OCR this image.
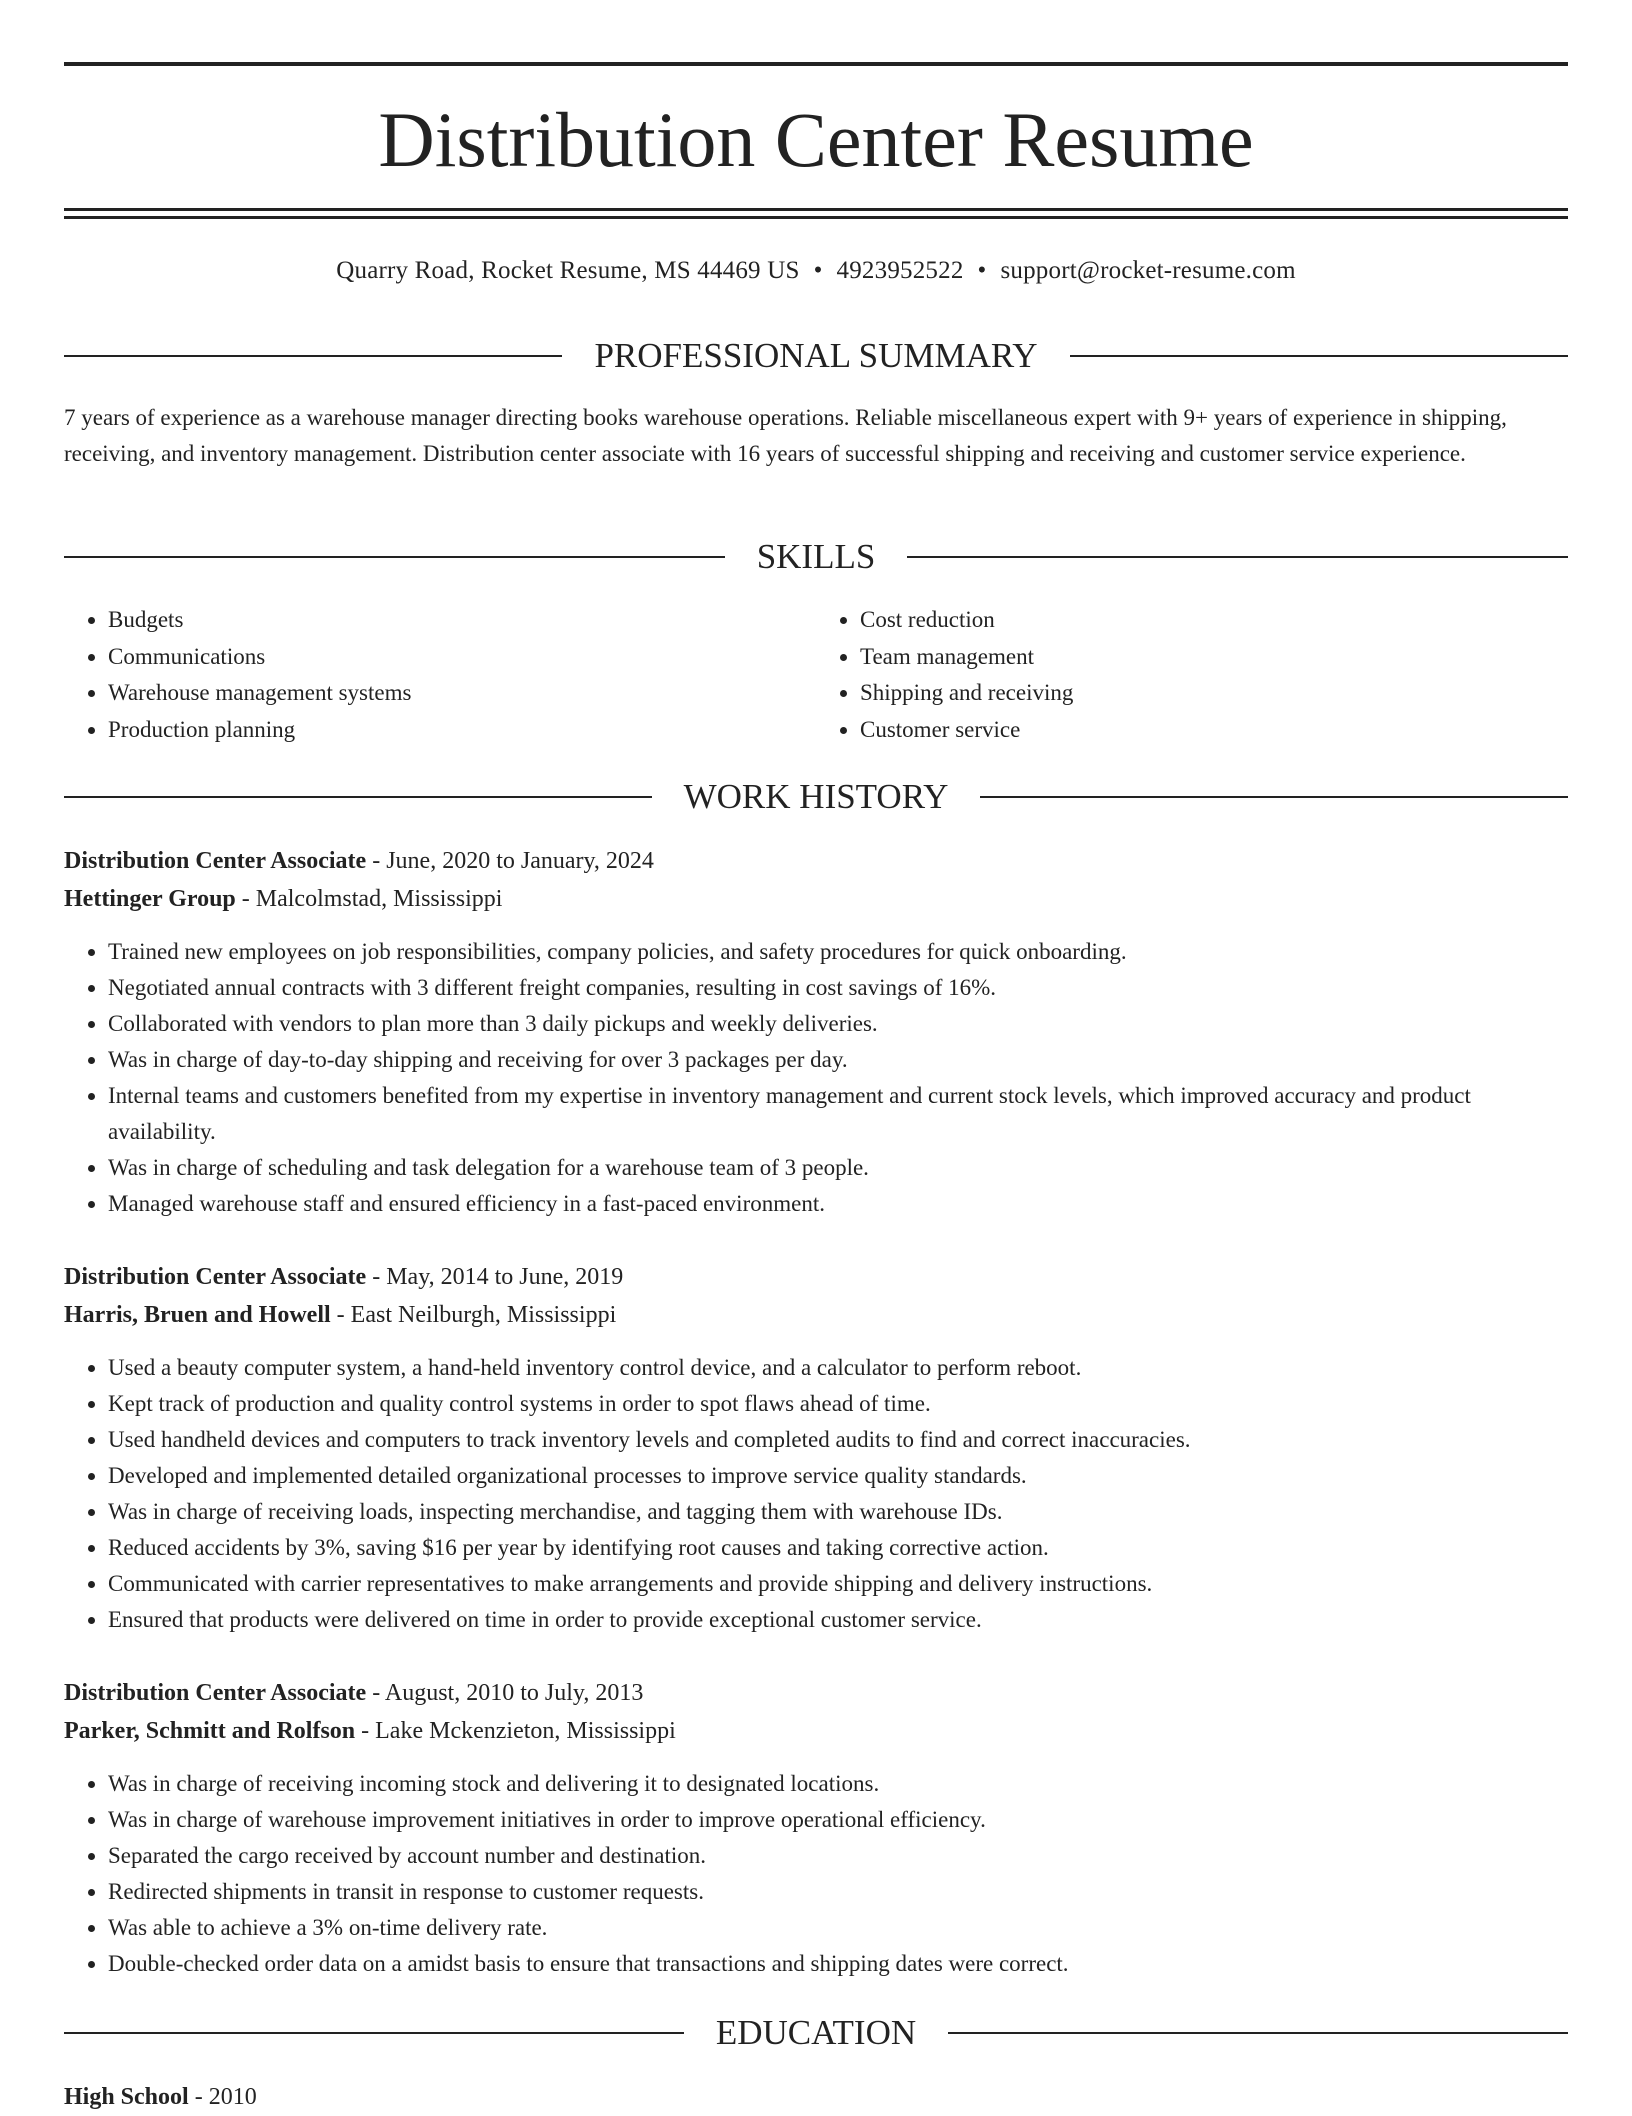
Distribution Center Resume
Quarry Road, Rocket Resume, MS 44469 US • 4923952522 • support@rocket-resume.com
PROFESSIONAL SUMMARY

7 years of experience as a warehouse manager directing books warehouse operations. Reliable miscellaneous expert with 9+ years of experience in shipping, receiving, and inventory management. Distribution center associate with 16 years of successful shipping and receiving and customer service experience.

SKILLS
• Budgets
• Communications
• Warehouse management systems
• Production planning
• Cost reduction
• Team management
• Shipping and receiving
• Customer service
WORK HISTORY

Distribution Center Associate - June, 2020 to January, 2024

Hettinger Group - Malcolmstad, Mississippi

• Trained new employees on job responsibilities, company policies, and safety procedures for quick onboarding.
• Negotiated annual contracts with 3 different freight companies, resulting in cost savings of 16%.
• Collaborated with vendors to plan more than 3 daily pickups and weekly deliveries.
• Was in charge of day-to-day shipping and receiving for over 3 packages per day.
• Internal teams and customers benefited from my expertise in inventory management and current stock levels, which improved accuracy and product availability.
• Was in charge of scheduling and task delegation for a warehouse team of 3 people.
• Managed warehouse staff and ensured efficiency in a fast-paced environment.

Distribution Center Associate - May, 2014 to June, 2019

Harris, Bruen and Howell - East Neilburgh, Mississippi

• Used a beauty computer system, a hand-held inventory control device, and a calculator to perform reboot.
• Kept track of production and quality control systems in order to spot flaws ahead of time.
• Used handheld devices and computers to track inventory levels and completed audits to find and correct inaccuracies.
• Developed and implemented detailed organizational processes to improve service quality standards.
• Was in charge of receiving loads, inspecting merchandise, and tagging them with warehouse IDs.
• Reduced accidents by 3%, saving $16 per year by identifying root causes and taking corrective action.
• Communicated with carrier representatives to make arrangements and provide shipping and delivery instructions.
• Ensured that products were delivered on time in order to provide exceptional customer service.

Distribution Center Associate - August, 2010 to July, 2013

Parker, Schmitt and Rolfson - Lake Mckenzieton, Mississippi

• Was in charge of receiving incoming stock and delivering it to designated locations.
• Was in charge of warehouse improvement initiatives in order to improve operational efficiency.
• Separated the cargo received by account number and destination.
• Redirected shipments in transit in response to customer requests.
• Was able to achieve a 3% on-time delivery rate.
• Double-checked order data on a amidst basis to ensure that transactions and shipping dates were correct.
EDUCATION

High School - 2010
